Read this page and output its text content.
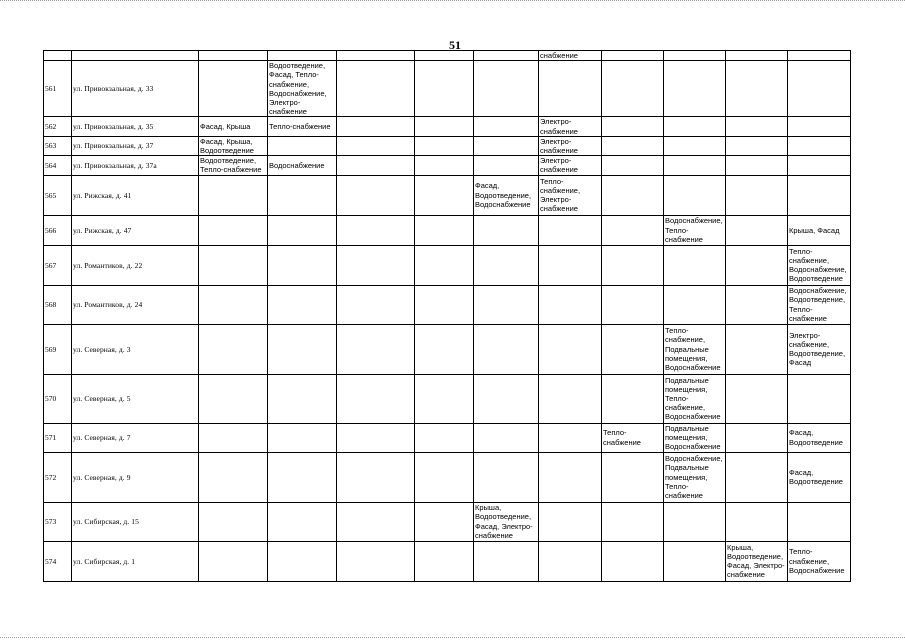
51
							снабжение					
561	ул. Привокзальная, д. 33		Водоотведение, Фасад, Тепло-снабжение, Водоснабжение, Электро-снабжение									
562	ул. Привокзальная, д. 35	Фасад, Крыша	Тепло-снабжение				Электро-снабжение					
563	ул. Привокзальная, д. 37	Фасад, Крыша, Водоотведение					Электро-снабжение					
564	ул. Привокзальная, д. 37а	Водоотведение, Тепло-снабжение	Водоснабжение				Электро-снабжение					
565	ул. Рижская, д. 41					Фасад, Водоотведение, Водоснабжение	Тепло-снабжение, Электро-снабжение					
566	ул. Рижская, д. 47								Водоснабжение, Тепло-снабжение		Крыша, Фасад	
567	ул. Романтиков, д. 22										Тепло-снабжение, Водоснабжение, Водоотведение	
568	ул. Романтиков, д. 24										Водоснабжение, Водоотведение, Тепло-снабжение	
569	ул. Северная, д. 3								Тепло-снабжение, Подвальные помещения, Водоснабжение		Электро-снабжение, Водоотведение, Фасад	
570	ул. Северная, д. 5								Подвальные помещения, Тепло-снабжение, Водоснабжение			
571	ул. Северная, д. 7							Тепло-снабжение	Подвальные помещения, Водоснабжение		Фасад, Водоотведение	
572	ул. Северная, д. 9								Водоснабжение, Подвальные помещения, Тепло-снабжение		Фасад, Водоотведение	
573	ул. Сибирская, д. 15					Крыша, Водоотведение, Фасад, Электро-снабжение						
574	ул. Сибирская, д. 1									Крыша, Водоотведение, Фасад, Электро-снабжение	Тепло-снабжение, Водоснабжение	
